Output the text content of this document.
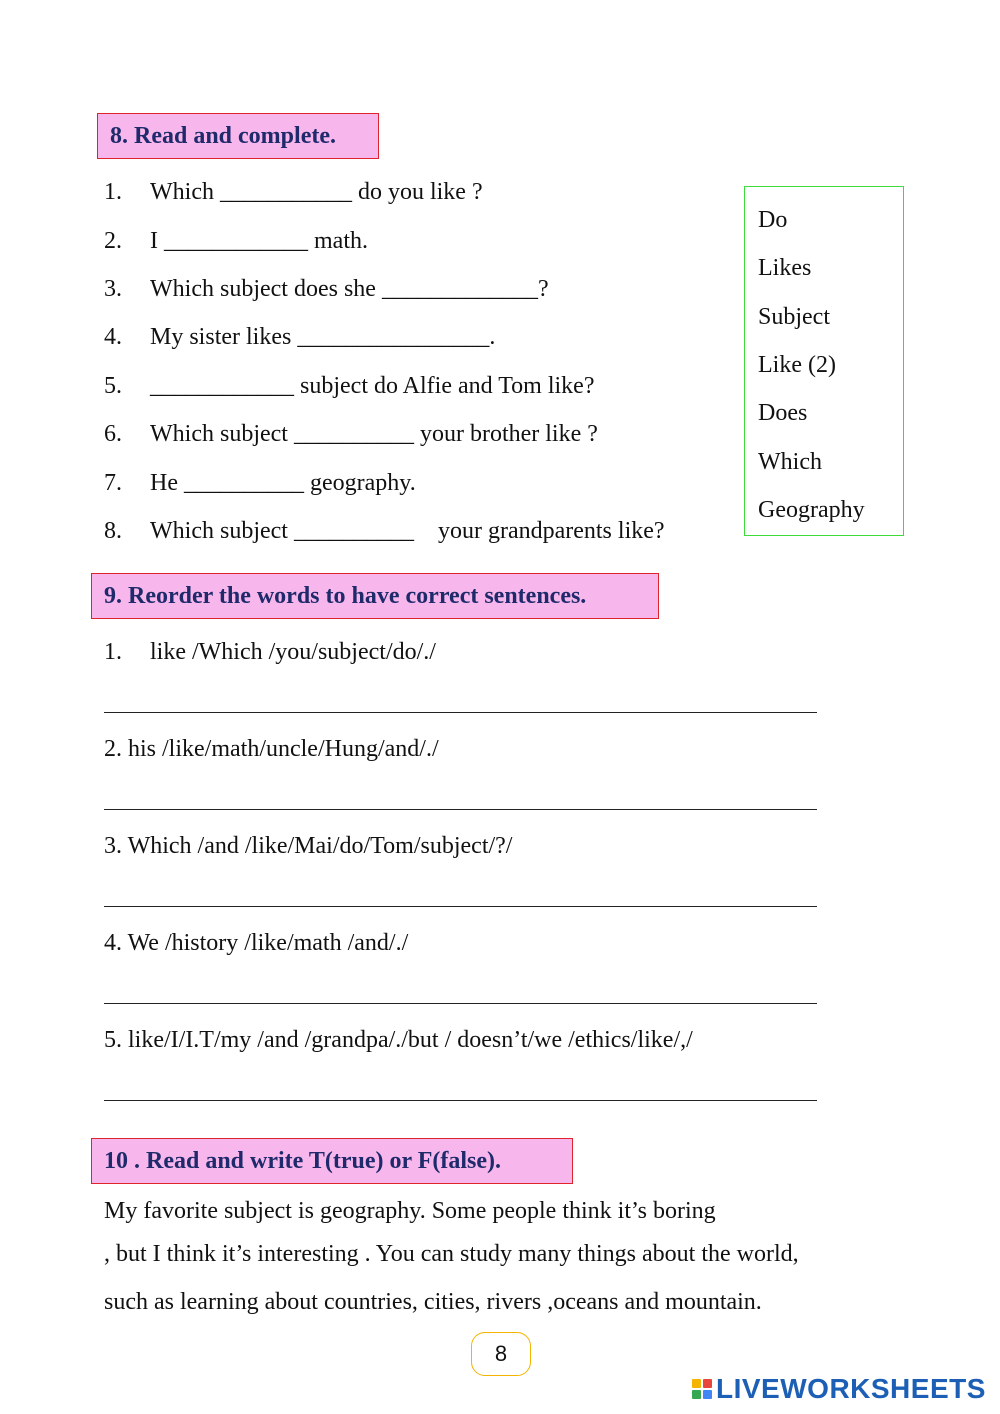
8. Read and complete.
1. Which ___________ do you like ?
2. I ____________ math.
3. Which subject does she _____________?
4. My sister likes ________________.
5. ____________ subject do Alfie and Tom like?
6. Which subject __________ your brother like ?
7. He __________ geography.
8. Which subject __________    your grandparents like?
Do
Likes
Subject
Like (2)
Does
Which
Geography
9. Reorder the words to have correct sentences.
1. like /Which /you/subject/do/./
2. his /like/math/uncle/Hung/and/./
3. Which /and /like/Mai/do/Tom/subject/?/
4. We /history /like/math /and/./
5. like/I/I.T/my /and /grandpa/./but / doesn’t/we /ethics/like/,/
10 . Read and write T(true) or F(false).
My favorite subject is geography. Some people think it’s boring
, but I think it’s interesting . You can study many things about the world,
such as learning about countries, cities, rivers ,oceans and mountain.
8
LIVEWORKSHEETS
